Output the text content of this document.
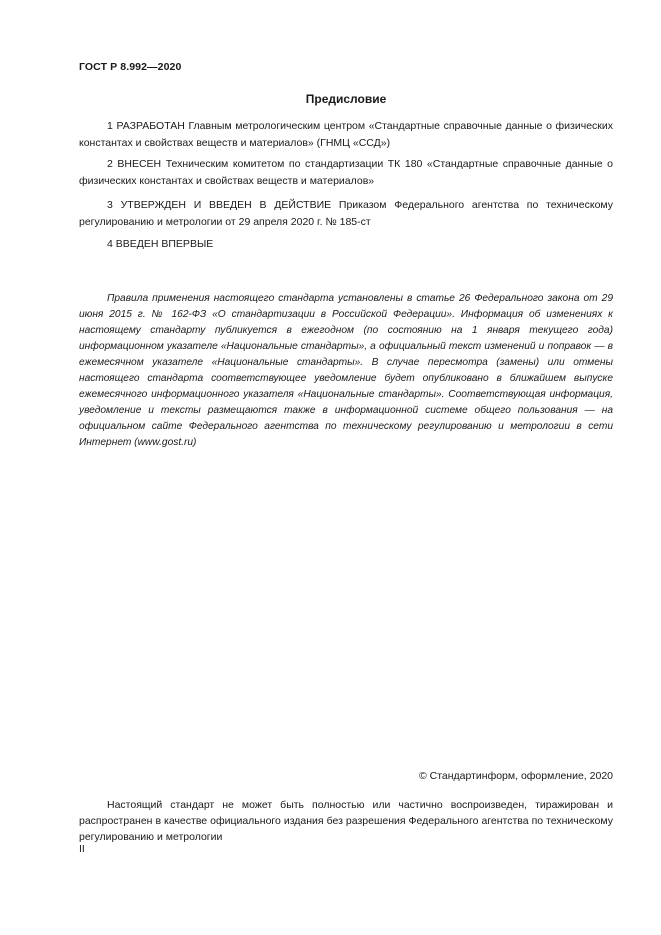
ГОСТ Р 8.992—2020
Предисловие

1 РАЗРАБОТАН Главным метрологическим центром «Стандартные справочные данные о физических константах и свойствах веществ и материалов» (ГНМЦ «ССД»)

2 ВНЕСЕН Техническим комитетом по стандартизации ТК 180 «Стандартные справочные данные о физических константах и свойствах веществ и материалов»

3 УТВЕРЖДЕН И ВВЕДЕН В ДЕЙСТВИЕ Приказом Федерального агентства по техническому регулированию и метрологии от 29 апреля 2020 г. № 185-ст

4 ВВЕДЕН ВПЕРВЫЕ

Правила применения настоящего стандарта установлены в статье 26 Федерального закона от 29 июня 2015 г. № 162-ФЗ «О стандартизации в Российской Федерации». Информация об изменениях к настоящему стандарту публикуется в ежегодном (по состоянию на 1 января текущего года) информационном указателе «Национальные стандарты», а официальный текст изменений и поправок — в ежемесячном указателе «Национальные стандарты». В случае пересмотра (замены) или отмены настоящего стандарта соответствующее уведомление будет опубликовано в ближайшем выпуске ежемесячного информационного указателя «Национальные стандарты». Соответствующая информация, уведомление и тексты размещаются также в информационной системе общего пользования — на официальном сайте Федерального агентства по техническому регулированию и метрологии в сети Интернет (www.gost.ru)

© Стандартинформ, оформление, 2020

Настоящий стандарт не может быть полностью или частично воспроизведен, тиражирован и распространен в качестве официального издания без разрешения Федерального агентства по техническому регулированию и метрологии

II
